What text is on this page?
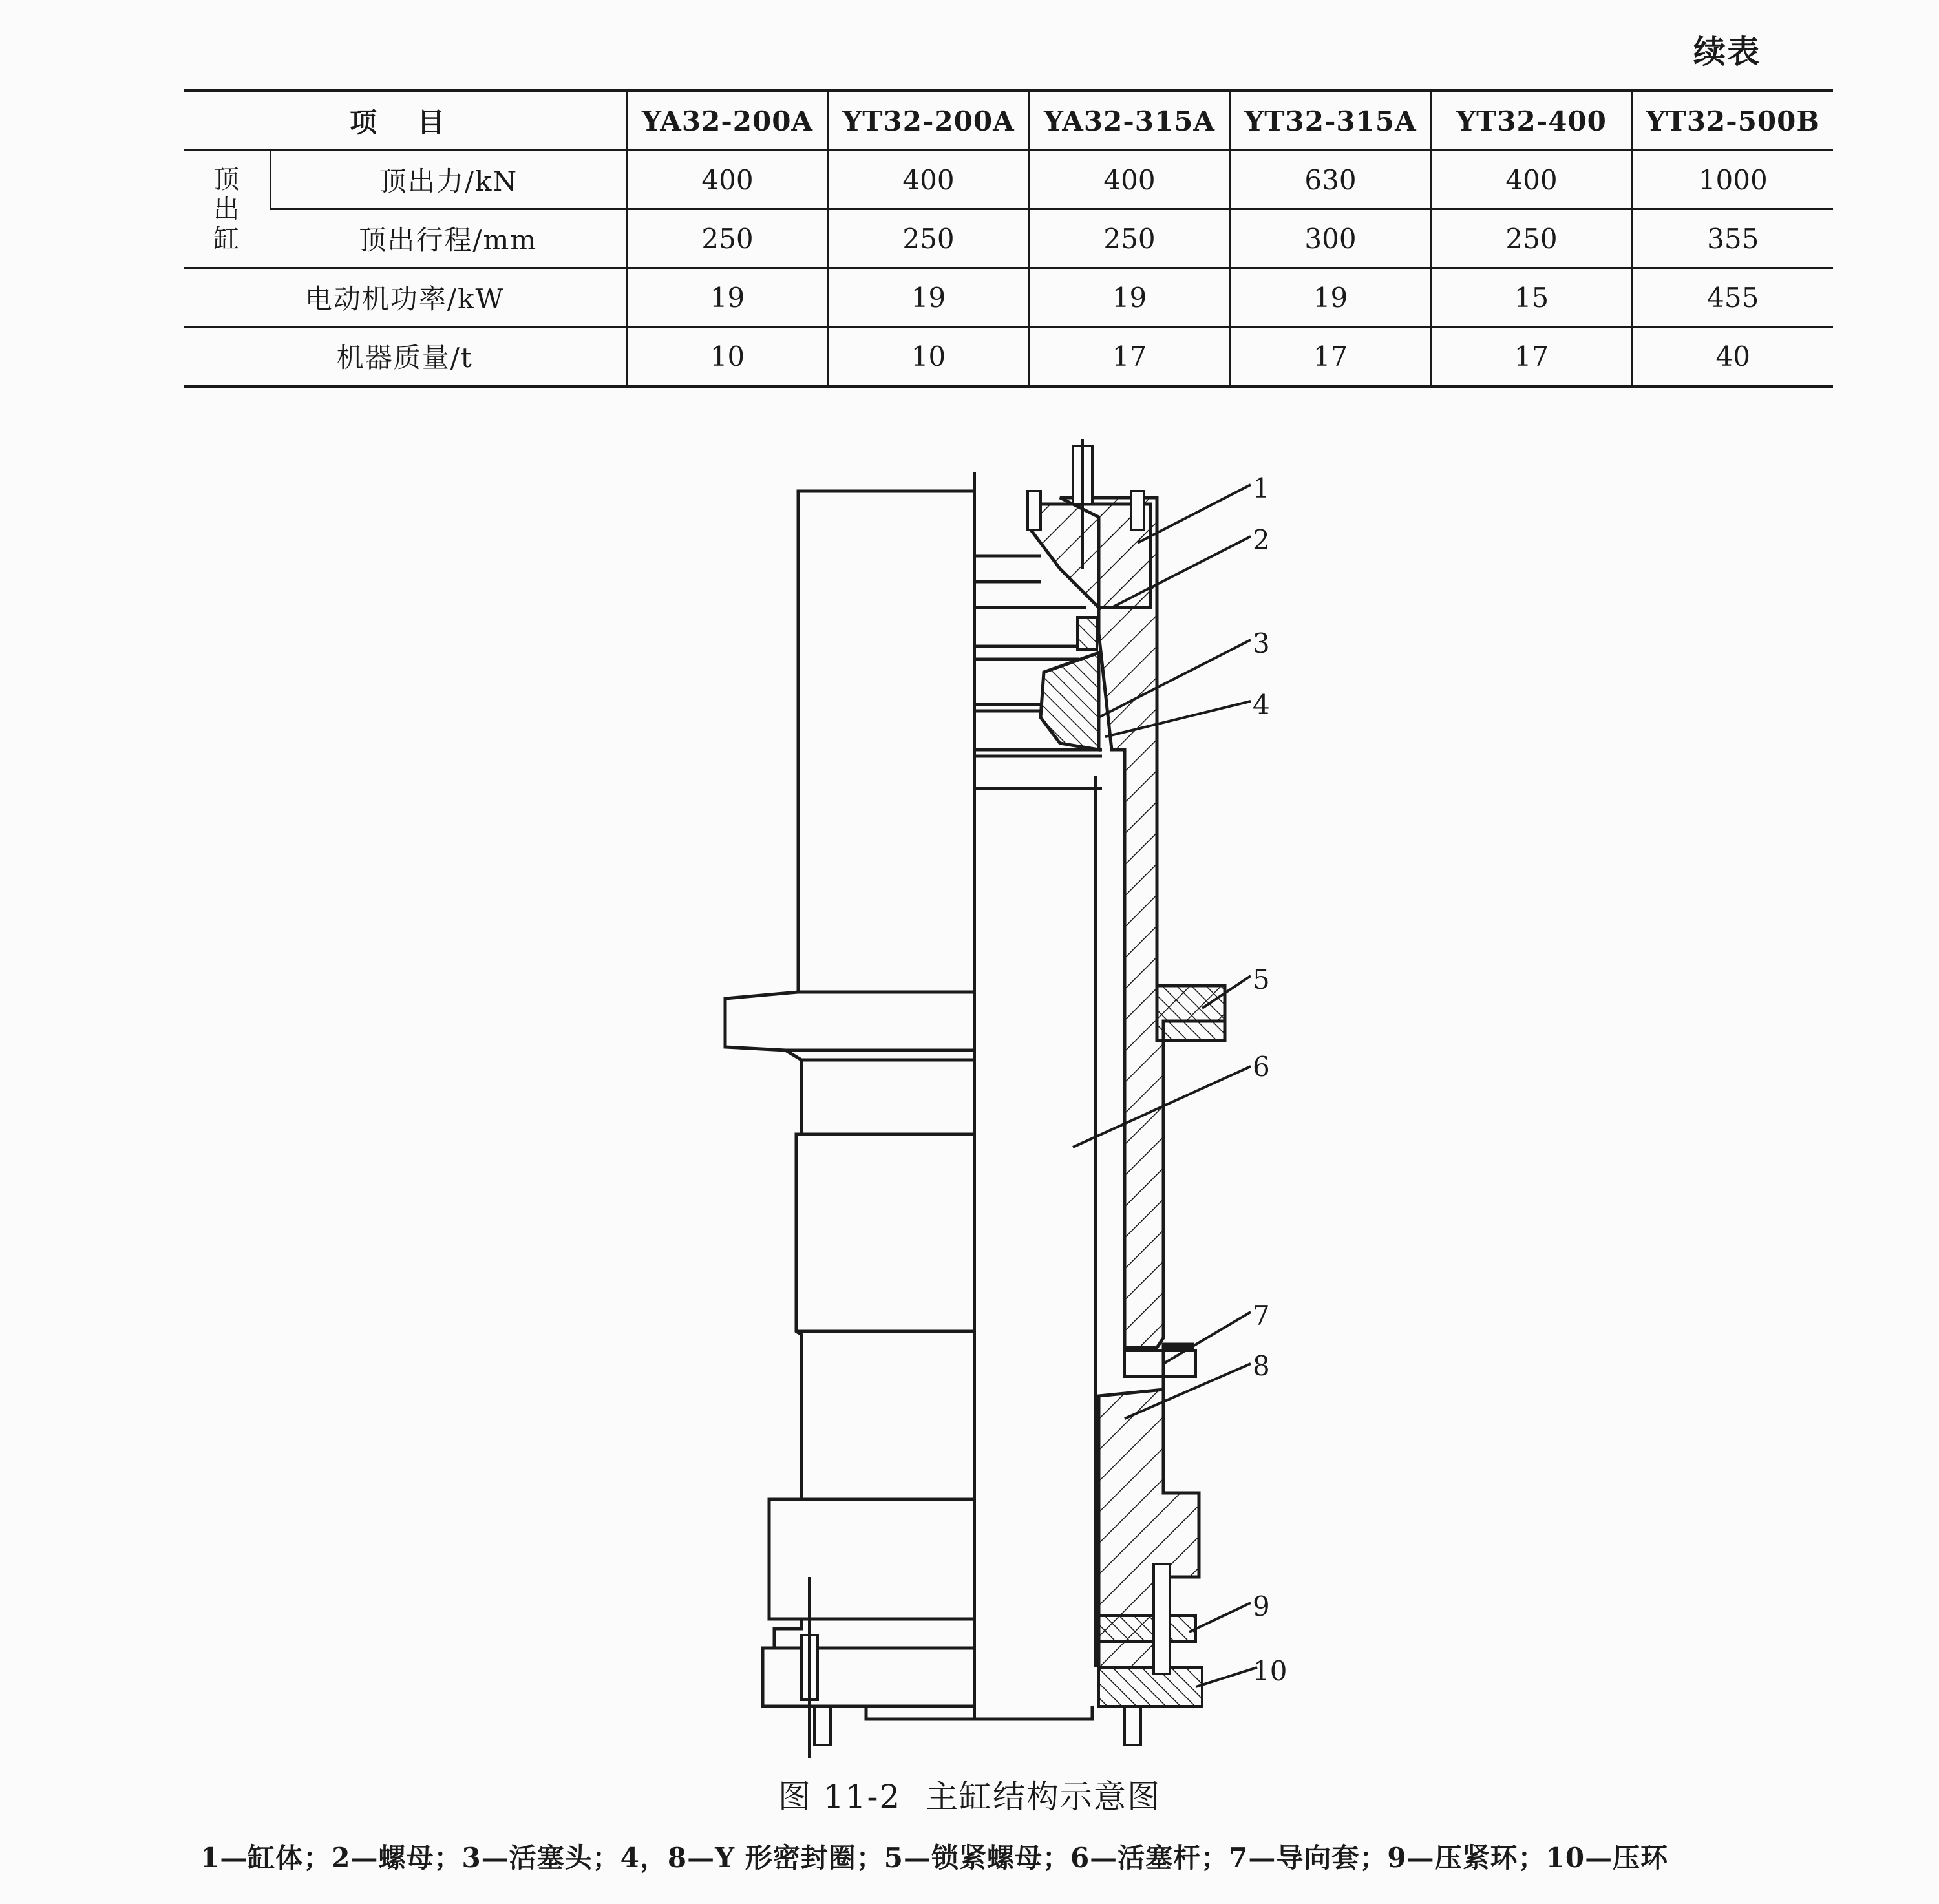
续表
项 目		YA32-200A	YT32-200A	YA32-315A	YT32-315A	YT32-400	YT32-500B

顶
出
缸	顶出力/kN	400	400	400	630	400	1000
	顶出行程/mm	250	250	250	300	250	355
电动机功率/kW		19	19	19	19	15	455
机器质量/t		10	10	17	17	17	40
1
2
3
4
5
6
7
8
9
10
图 11-2 主缸结构示意图
1—缸体；2—螺母；3—活塞头；4，8—Y 形密封圈；5—锁紧螺母；6—活塞杆；7—导向套；9—压紧环；10—压环
